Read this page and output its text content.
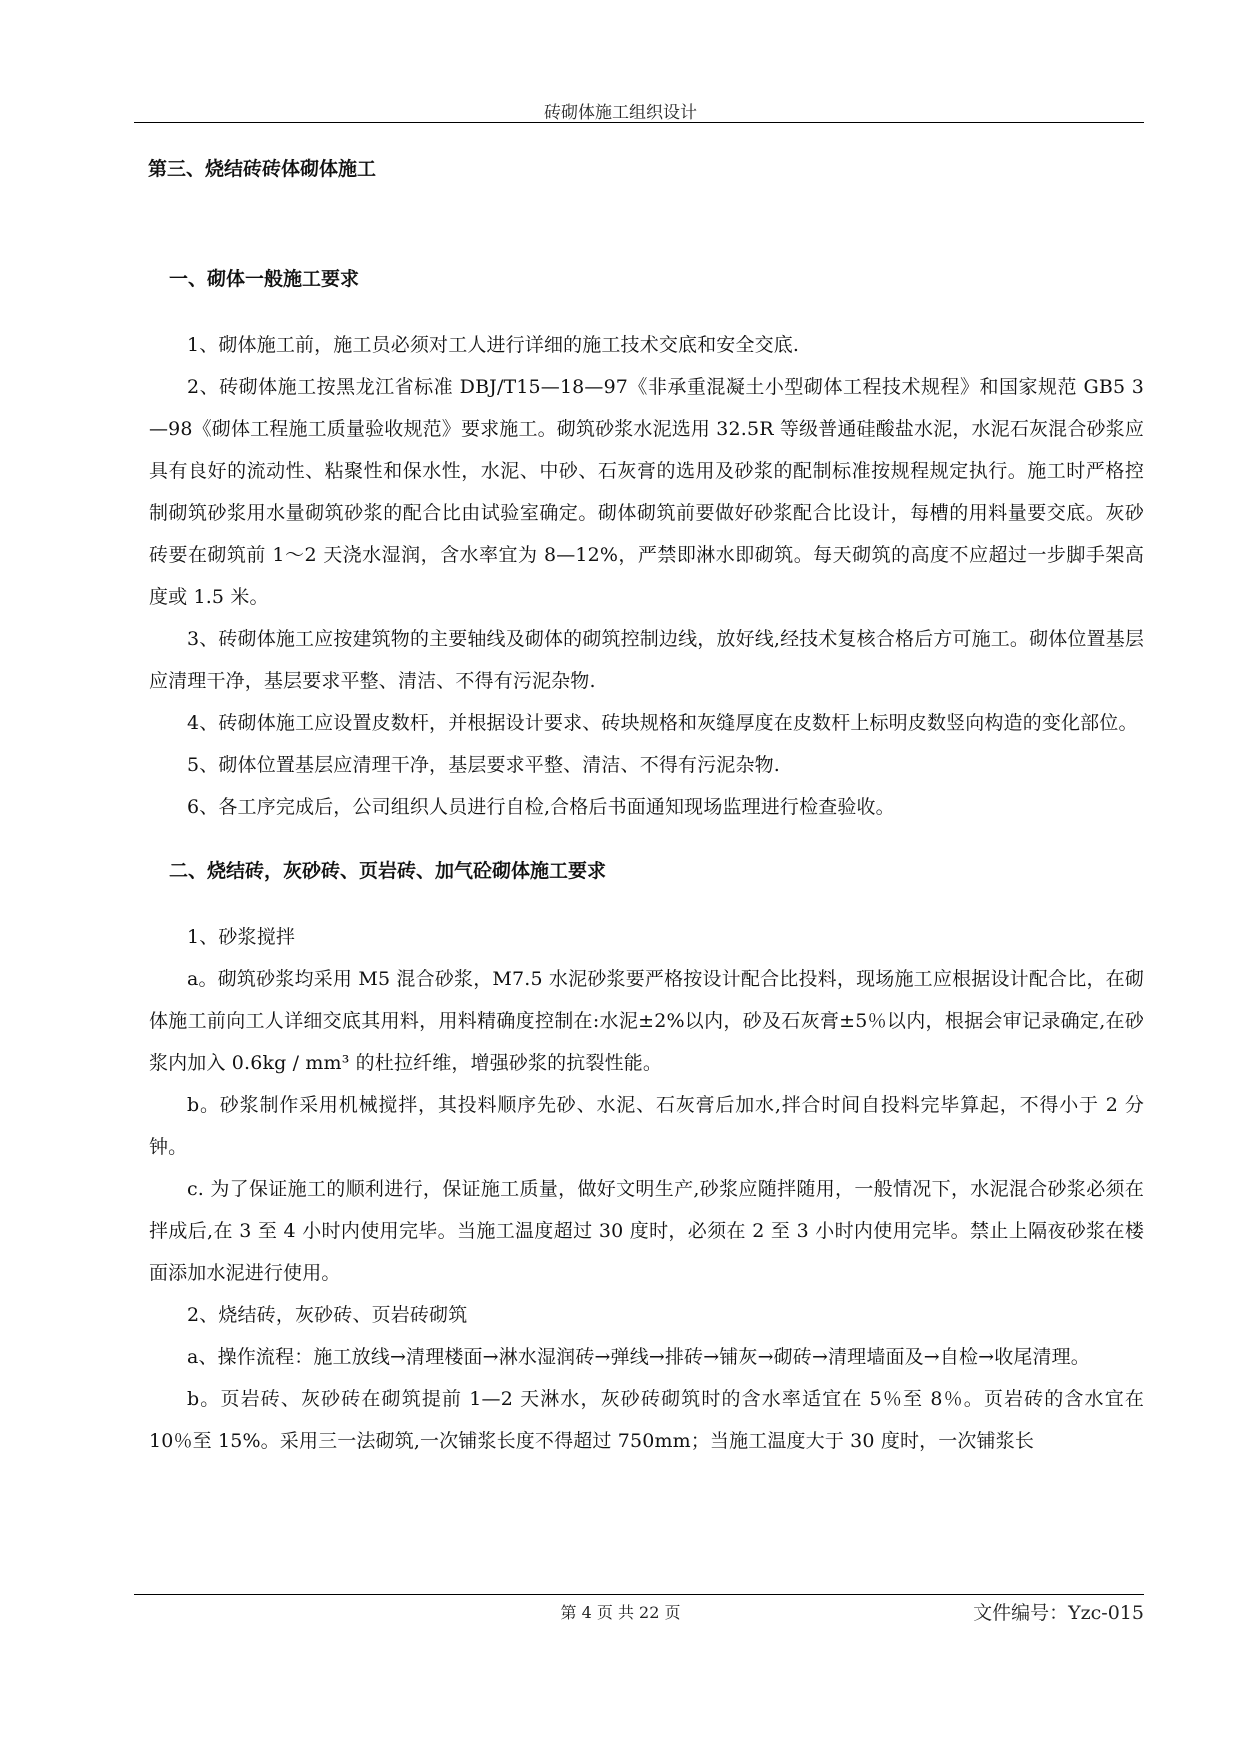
砖砌体施工组织设计
第三、烧结砖砖体砌体施工
一、砌体一般施工要求

1、砌体施工前，施工员必须对工人进行详细的施工技术交底和安全交底.

2、砖砌体施工按黑龙江省标准 DBJ/T15—18—97《非承重混凝土小型砌体工程技术规程》和国家规范 GB5 3—98《砌体工程施工质量验收规范》要求施工。砌筑砂浆水泥选用 32.5R 等级普通硅酸盐水泥，水泥石灰混合砂浆应具有良好的流动性、粘聚性和保水性，水泥、中砂、石灰膏的选用及砂浆的配制标准按规程规定执行。施工时严格控制砌筑砂浆用水量砌筑砂浆的配合比由试验室确定。砌体砌筑前要做好砂浆配合比设计，每槽的用料量要交底。灰砂砖要在砌筑前 1～2 天浇水湿润，含水率宜为 8—12%，严禁即淋水即砌筑。每天砌筑的高度不应超过一步脚手架高度或 1.5 米。

3、砖砌体施工应按建筑物的主要轴线及砌体的砌筑控制边线，放好线,经技术复核合格后方可施工。砌体位置基层应清理干净，基层要求平整、清洁、不得有污泥杂物.

4、砖砌体施工应设置皮数杆，并根据设计要求、砖块规格和灰缝厚度在皮数杆上标明皮数竖向构造的变化部位。

5、砌体位置基层应清理干净，基层要求平整、清洁、不得有污泥杂物.

6、各工序完成后，公司组织人员进行自检,合格后书面通知现场监理进行检查验收。

二、烧结砖，灰砂砖、页岩砖、加气砼砌体施工要求

1、砂浆搅拌

a。砌筑砂浆均采用 M5 混合砂浆，M7.5 水泥砂浆要严格按设计配合比投料，现场施工应根据设计配合比，在砌体施工前向工人详细交底其用料，用料精确度控制在:水泥±2%以内，砂及石灰膏±5％以内，根据会审记录确定,在砂浆内加入 0.6kg / mm³ 的杜拉纤维，增强砂浆的抗裂性能。

b。砂浆制作采用机械搅拌，其投料顺序先砂、水泥、石灰膏后加水,拌合时间自投料完毕算起，不得小于 2 分钟。

c. 为了保证施工的顺利进行，保证施工质量，做好文明生产,砂浆应随拌随用，一般情况下，水泥混合砂浆必须在拌成后,在 3 至 4 小时内使用完毕。当施工温度超过 30 度时，必须在 2 至 3 小时内使用完毕。禁止上隔夜砂浆在楼面添加水泥进行使用。

2、烧结砖，灰砂砖、页岩砖砌筑

a、操作流程：施工放线→清理楼面→淋水湿润砖→弹线→排砖→铺灰→砌砖→清理墙面及→自检→收尾清理。

b。页岩砖、灰砂砖在砌筑提前 1—2 天淋水，灰砂砖砌筑时的含水率适宜在 5％至 8％。页岩砖的含水宜在 10％至 15%。采用三一法砌筑,一次铺浆长度不得超过 750mm；当施工温度大于 30 度时，一次铺浆长

第 4 页 共 22 页	文件编号：Yzc-015
